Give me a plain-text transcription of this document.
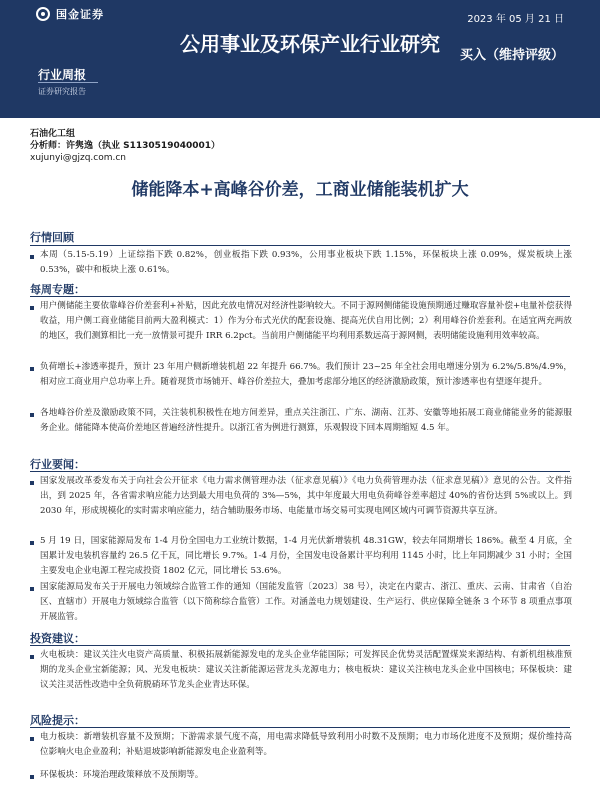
国金证券	2023 年 05 月 21 日
公用事业及环保产业行业研究	买入（维持评级）
行业周报
证券研究报告
石油化工组
分析师：许隽逸（执业 S1130519040001）
xujunyi@gjzq.com.cn
储能降本+高峰谷价差，工商业储能装机扩大
行情回顾
本周（5.15-5.19）上证综指下跌 0.82%，创业板指下跌 0.93%，公用事业板块下跌 1.15%，环保板块上涨 0.09%，煤炭板块上涨 0.53%，碳中和板块上涨 0.61%。
每周专题：
用户侧储能主要依靠峰谷价差套利+补贴，因此充放电情况对经济性影响较大。不同于源网侧储能设施预期通过赚取容量补偿+电量补偿获得收益，用户侧工商业储能目前两大盈利模式：1）作为分布式光伏的配套设施、提高光伏自用比例；2）利用峰谷价差套利。在适宜两充两放的地区，我们测算相比一充一放情景可提升 IRR 6.2pct。当前用户侧储能平均利用系数远高于源网侧，表明储能设施利用效率较高。
负荷增长+渗透率提升，预计 23 年用户侧新增装机超 22 年提升 66.7%。我们预计 23~25 年全社会用电增速分别为 6.2%/5.8%/4.9%，相对应工商业用户总功率上升。随着现货市场铺开、峰谷价差拉大，叠加考虑部分地区的经济激励政策，预计渗透率也有望逐年提升。
各地峰谷价差及激励政策不同，关注装机积极性在地方间差异，重点关注浙江、广东、湖南、江苏、安徽等地拓展工商业储能业务的能源服务企业。储能降本使高价差地区普遍经济性提升。以浙江省为例进行测算，乐观假设下回本周期缩短 4.5 年。
行业要闻：
国家发展改革委发布关于向社会公开征求《电力需求侧管理办法（征求意见稿）》《电力负荷管理办法（征求意见稿）》意见的公告。文件指出，到 2025 年，各省需求响应能力达到最大用电负荷的 3%—5%，其中年度最大用电负荷峰谷差率超过 40%的省份达到 5%或以上。到 2030 年，形成规模化的实时需求响应能力，结合辅助服务市场、电能量市场交易可实现电网区域内可调节资源共享互济。
5 月 19 日，国家能源局发布 1-4 月份全国电力工业统计数据，1-4 月光伏新增装机 48.31GW，较去年同期增长 186%。截至 4 月底，全国累计发电装机容量约 26.5 亿千瓦，同比增长 9.7%。1-4 月份，全国发电设备累计平均利用 1145 小时，比上年同期减少 31 小时；全国主要发电企业电源工程完成投资 1802 亿元，同比增长 53.6%。
国家能源局发布关于开展电力领域综合监管工作的通知（国能发监管〔2023〕38 号），决定在内蒙古、浙江、重庆、云南、甘肃省（自治区、直辖市）开展电力领域综合监管（以下简称综合监管）工作。对涵盖电力规划建设、生产运行、供应保障全链条 3 个环节 8 项重点事项开展监管。
投资建议：
火电板块：建议关注火电资产高质量、积极拓展新能源发电的龙头企业华能国际；可发挥民企优势灵活配置煤炭来源结构、有新机组核准预期的龙头企业宝新能源；风、光发电板块：建议关注新能源运营龙头龙源电力；核电板块：建议关注核电龙头企业中国核电；环保板块：建议关注灵活性改造中全负荷脱硝环节龙头企业青达环保。
风险提示：
电力板块：新增装机容量不及预期；下游需求景气度不高，用电需求降低导致利用小时数不及预期；电力市场化进度不及预期；煤价维持高位影响火电企业盈利；补贴退坡影响新能源发电企业盈利等。
环保板块：环境治理政策释放不及预期等。
